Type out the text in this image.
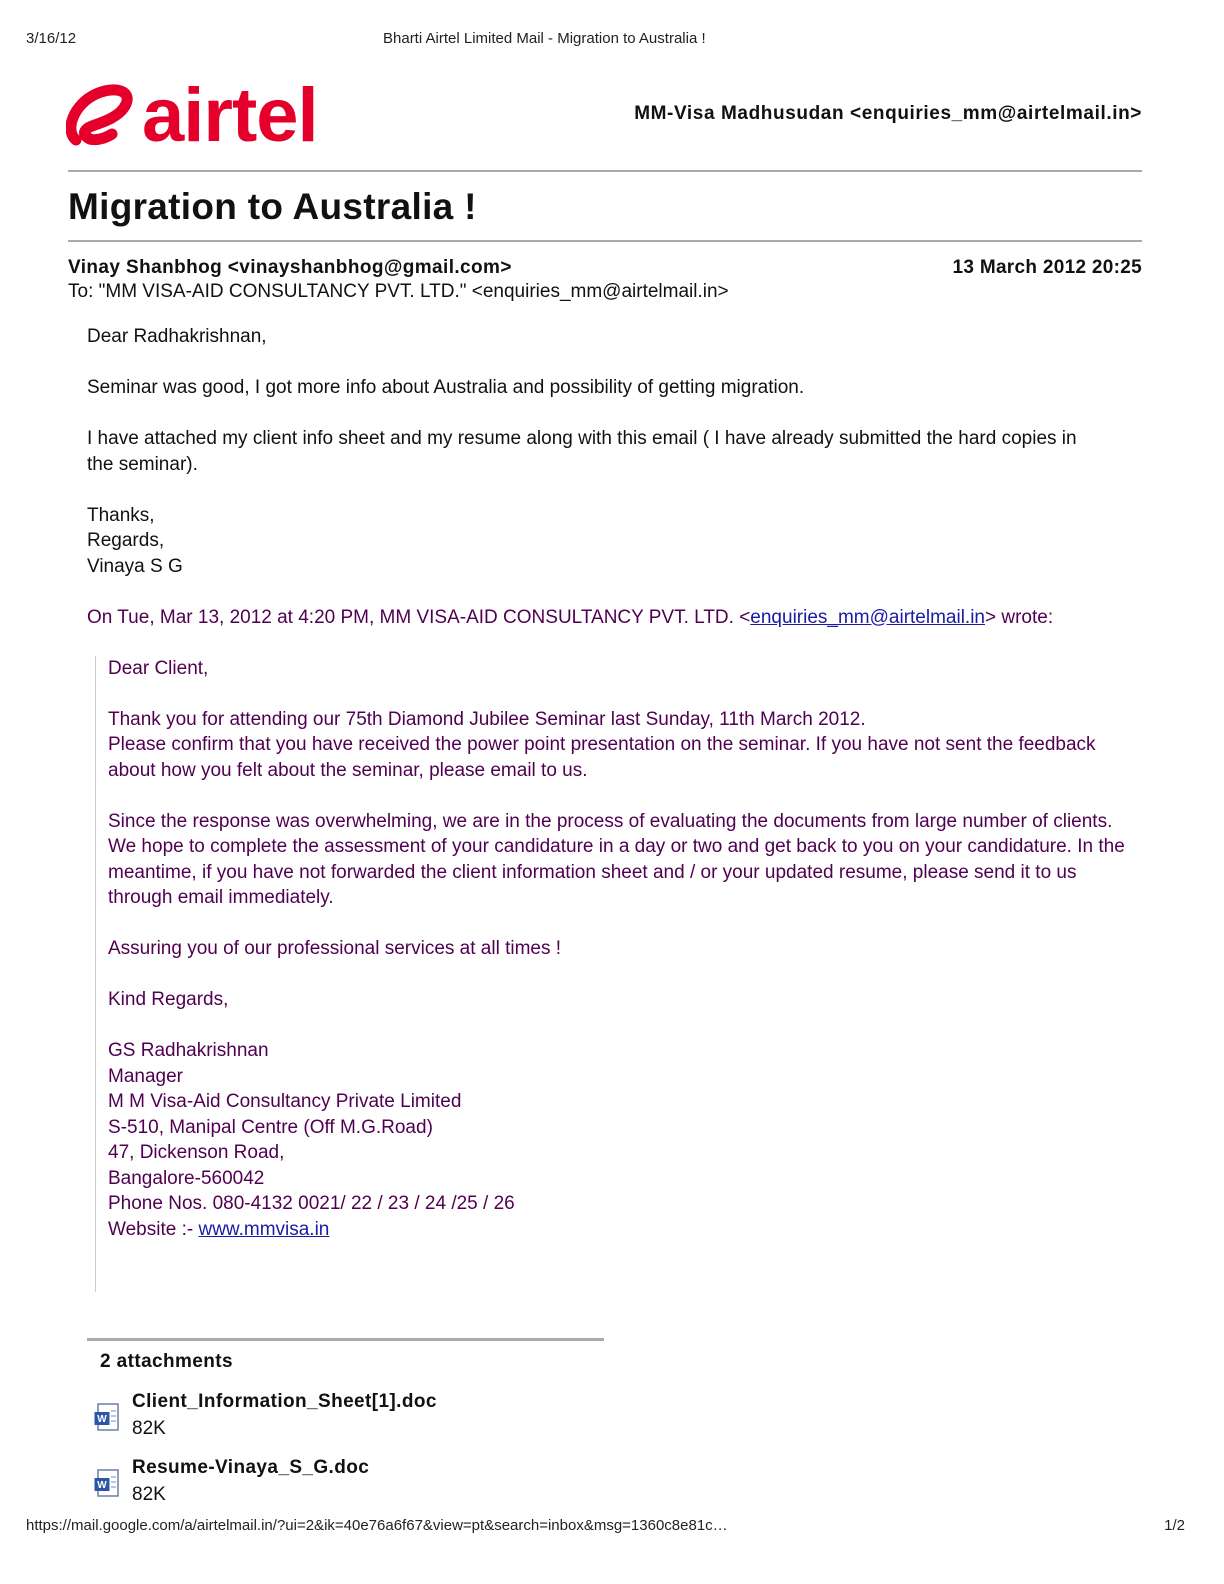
3/16/12	Bharti Airtel Limited Mail - Migration to Australia !
airtel	MM-Visa Madhusudan <enquiries_mm@airtelmail.in>
Migration to Australia !
Vinay Shanbhog <vinayshanbhog@gmail.com>	13 March 2012 20:25
To: "MM VISA-AID CONSULTANCY PVT. LTD." <enquiries_mm@airtelmail.in>

Dear Radhakrishnan,

Seminar was good, I got more info about Australia and possibility of getting migration.

I have attached my client info sheet and my resume along with this email ( I have already submitted the hard copies in the seminar).

Thanks,
Regards,
Vinaya S G

On Tue, Mar 13, 2012 at 4:20 PM, MM VISA-AID CONSULTANCY PVT. LTD. <enquiries_mm@airtelmail.in> wrote:

Dear Client,

Thank you for attending our 75th Diamond Jubilee Seminar last Sunday, 11th March 2012.
Please confirm that you have received the power point presentation on the seminar. If you have not sent the feedback about how you felt about the seminar, please email to us.

Since the response was overwhelming, we are in the process of evaluating the documents from large number of clients. We hope to complete the assessment of your candidature in a day or two and get back to you on your candidature. In the meantime, if you have not forwarded the client information sheet and / or your updated resume, please send it to us through email immediately.

Assuring you of our professional services at all times !

Kind Regards,

GS Radhakrishnan
Manager
M M Visa-Aid Consultancy Private Limited
S-510, Manipal Centre (Off M.G.Road)
47, Dickenson Road,
Bangalore-560042
Phone Nos. 080-4132 0021/ 22 / 23 / 24 /25 / 26
Website :- www.mmvisa.in

2 attachments
W
Client_Information_Sheet[1].doc
82K
W
Resume-Vinaya_S_G.doc
82K
https://mail.google.com/a/airtelmail.in/?ui=2&ik=40e76a6f67&view=pt&search=inbox&msg=1360c8e81c…	1/2
